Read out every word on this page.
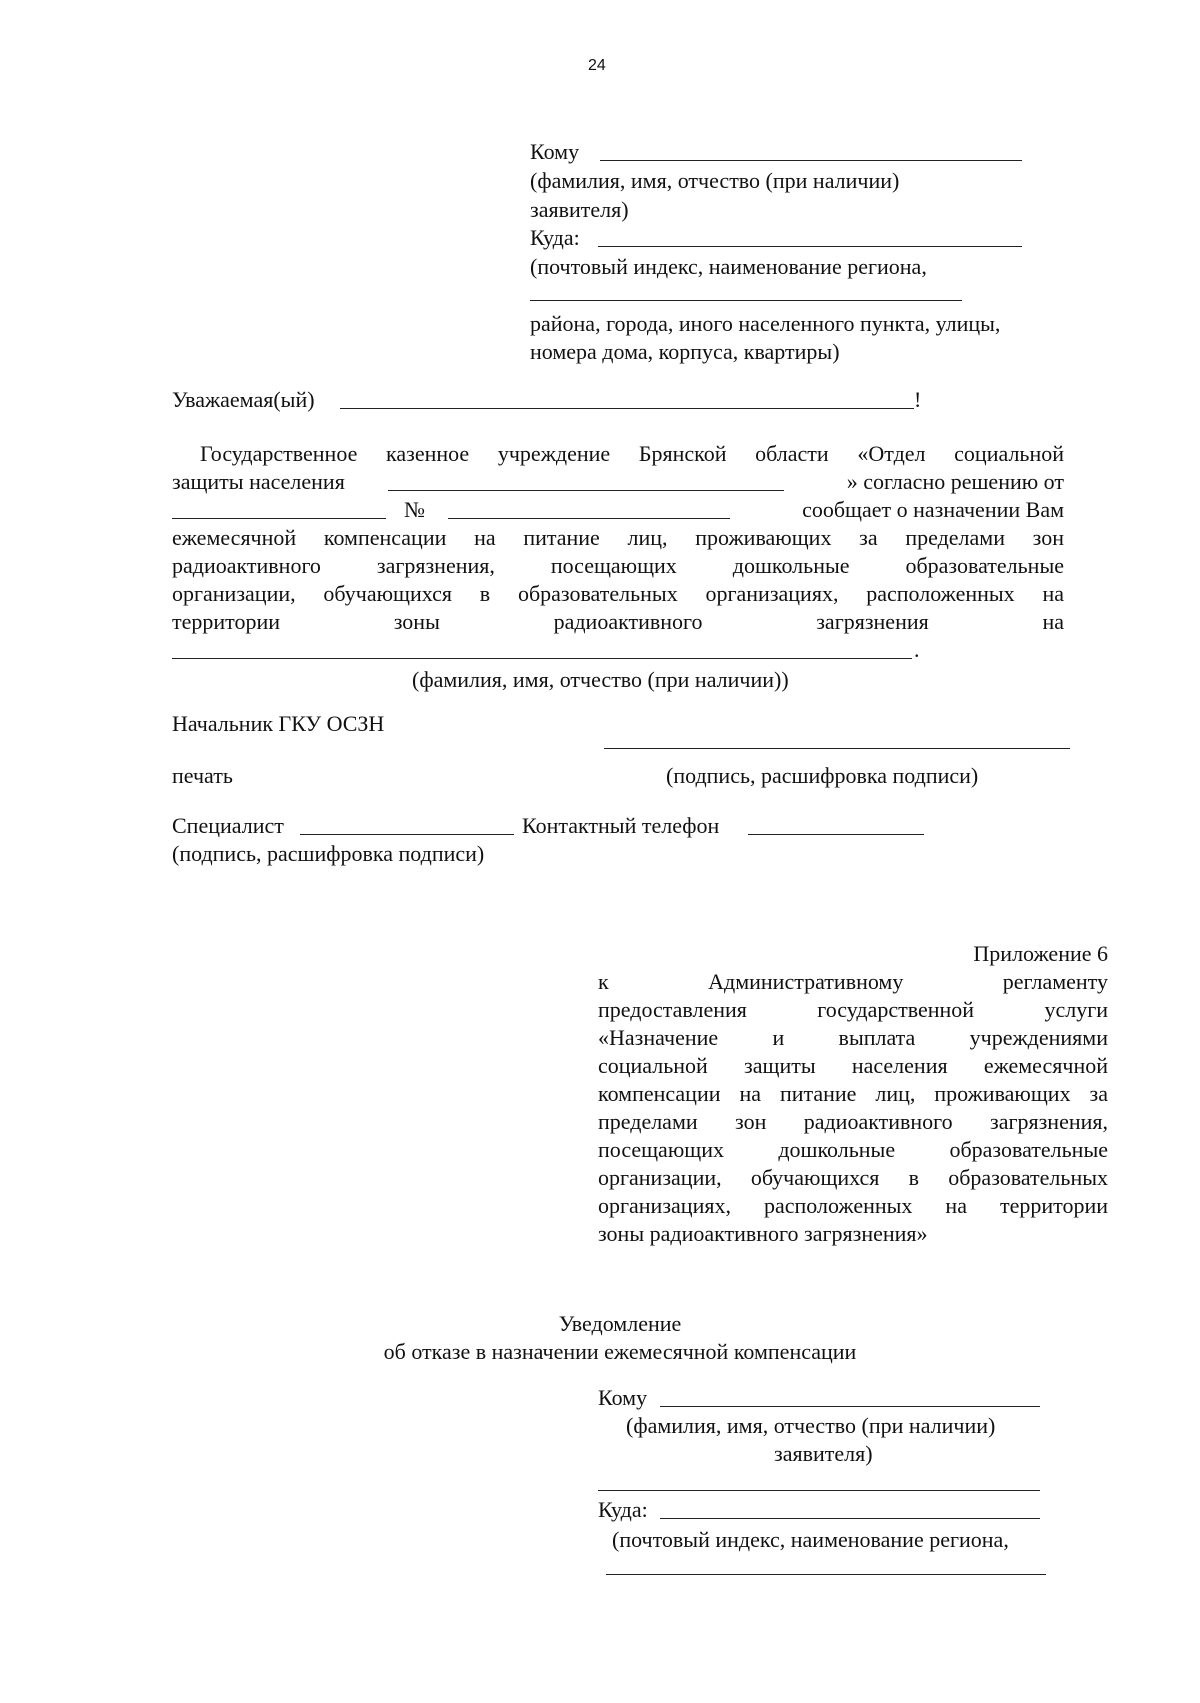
24
Кому
(фамилия, имя, отчество (при наличии)
заявителя)
Куда:
(почтовый индекс, наименование региона,
района, города, иного населенного пункта, улицы,
номера дома, корпуса, квартиры)
Уважаемая(ый)	!
Государственное казенное учреждение Брянской области «Отдел социальной
защиты населения	» согласно решению от
№	сообщает о назначении Вам
ежемесячной компенсации на питание лиц, проживающих за пределами зон
радиоактивного загрязнения, посещающих дошкольные образовательные
организации, обучающихся в образовательных организациях, расположенных на
территории зоны радиоактивного загрязнения на
.
(фамилия, имя, отчество (при наличии))
Начальник ГКУ ОСЗН
печать	(подпись, расшифровка подписи)
Специалист	Контактный телефон
(подпись, расшифровка подписи)
Приложение 6
к Административному регламенту
предоставления государственной услуги
«Назначение и выплата учреждениями
социальной защиты населения ежемесячной
компенсации на питание лиц, проживающих за
пределами зон радиоактивного загрязнения,
посещающих дошкольные образовательные
организации, обучающихся в образовательных
организациях, расположенных на территории
зоны радиоактивного загрязнения»
Уведомление
об отказе в назначении ежемесячной компенсации
Кому
(фамилия, имя, отчество (при наличии)
заявителя)
Куда:
(почтовый индекс, наименование региона,
